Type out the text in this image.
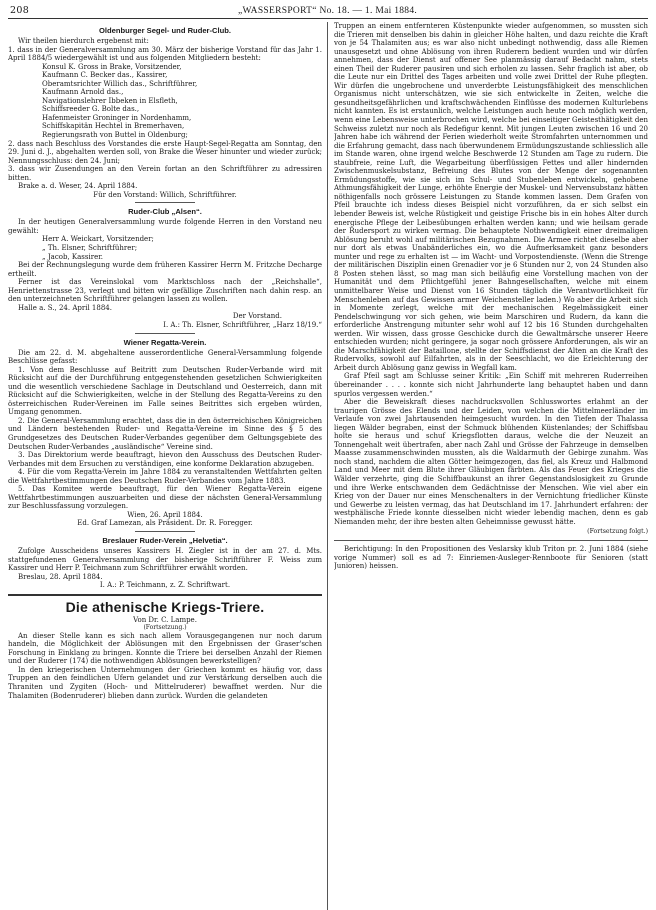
208	„WASSERSPORT“ No. 18. — 1. Mai 1884.
Oldenburger Segel- und Ruder-Club.

Wir theilen hierdurch ergebenst mit:

1. dass in der Generalversammlung am 30. März der bisherige Vorstand für das Jahr 1. April 1884/5 wiedergewählt ist und aus folgenden Mitgliedern besteht:

Konsul K. Gross in Brake, Vorsitzender,

Kaufmann C. Becker das., Kassirer,

Oberamtsrichter Willich das., Schriftführer,

Kaufmann Arnold das.,

Navigationslehrer Ibbeken in Elsfleth,

Schiffsreeder G. Bolte das.,

Hafenmeister Groninger in Nordenhamm,

Schiffskapitän Hechtel in Bremerhaven,

Regierungsrath von Buttel in Oldenburg;

2. dass nach Beschluss des Vorstandes die erste Haupt-Segel-Regatta am Sonntag, den 29. Juni d. J., abgehalten werden soll, von Brake die Weser hinunter und wieder zurück; Nennungsschluss: den 24. Juni;

3. dass wir Zusendungen an den Verein fortan an den Schriftführer zu adressiren bitten.

Brake a. d. Weser, 24. April 1884.

Für den Vorstand: Willich, Schriftführer.

Ruder-Club „Alsen“.

In der heutigen Generalversammlung wurde folgende Herren in den Vorstand neu gewählt:

Herr A. Weickart, Vorsitzender;

„ Th. Elsner, Schriftführer;

„ Jacob, Kassirer.

Bei der Rechnungslegung wurde dem früheren Kassirer Herrn M. Fritzche Decharge ertheilt.

Ferner ist das Vereinslokal vom Marktschloss nach der „Reichshalle“, Henriettenstrasse 23, verlegt und bitten wir gefällige Zuschriften nach dahin resp. an den unterzeichneten Schriftführer gelangen lassen zu wollen.

Halle a. S., 24. April 1884.

Der Vorstand.

I. A.: Th. Elsner, Schriftführer, „Harz 18/19.“

Wiener Regatta-Verein.

Die am 22. d. M. abgehaltene ausserordentliche General-Versammlung folgende Beschlüsse gefasst:

1. Von dem Beschlusse auf Beitritt zum Deutschen Ruder-Verbande wird mit Rücksicht auf die der Durchführung entgegenstehenden gesetzlichen Schwierigkeiten und die wesentlich verschiedene Sachlage in Deutschland und Oesterreich, dann mit Rücksicht auf die Schwierigkeiten, welche in der Stellung des Regatta-Vereins zu den österreichischen Ruder-Vereinen im Falle seines Beitrittes sich ergeben würden, Umgang genommen.

2. Die General-Versammlung erachtet, dass die in den österreichischen Königreichen und Ländern bestehenden Ruder- und Regatta-Vereine im Sinne des § 5 des Grundgesetzes des Deutschen Ruder-Verbandes gegenüber dem Geltungsgebiete des Deutschen Ruder-Verbandes „ausländische“ Vereine sind.

3. Das Direktorium werde beauftragt, hievon den Ausschuss des Deutschen Ruder-Verbandes mit dem Ersuchen zu verständigen, eine konforme Deklaration abzugeben.

4. Für die vom Regatta-Verein im Jahre 1884 zu veranstaltenden Wettfahrten gelten die Wettfahrtbestimmungen des Deutschen Ruder-Verbandes vom Jahre 1883.

5. Das Komitee werde beauftragt, für den Wiener Regatta-Verein eigene Wettfahrtbestimmungen auszuarbeiten und diese der nächsten General-Versammlung zur Beschlussfassung vorzulegen.

Wien, 26. April 1884.

Ed. Graf Lamezan, als Präsident. Dr. R. Foregger.

Breslauer Ruder-Verein „Helvetia“.

Zufolge Ausscheidens unseres Kassirers H. Ziegler ist in der am 27. d. Mts. stattgefundenen Generalversammlung der bisherige Schriftführer F. Weiss zum Kassirer und Herr P. Teichmann zum Schriftführer erwählt worden.

Breslau, 28. April 1884.

I. A.: P. Teichmann, z. Z. Schriftwart.

Die athenische Kriegs-Triere.
Von Dr. C. Lampe.
(Fortsetzung.)

An dieser Stelle kann es sich nach allem Vorausgegangenen nur noch darum handeln, die Möglichkeit der Ablösungen mit den Ergebnissen der Graser'schen Forschung in Einklang zu bringen. Konnte die Triere bei derselben Anzahl der Riemen und der Ruderer (174) die nothwendigen Ablösungen bewerkstelligen?

In den kriegerischen Unternehmungen der Griechen kommt es häufig vor, dass Truppen an den feindlichen Ufern gelandet und zur Verstärkung derselben auch die Thraniten und Zygiten (Hoch- und Mittelruderer) bewaffnet werden. Nur die Thalamiten (Bodenruderer) blieben dann zurück. Wurden die gelandeten

Truppen an einem entfernteren Küstenpunkte wieder aufgenommen, so mussten sich die Trieren mit denselben bis dahin in gleicher Höhe halten, und dazu reichte die Kraft von je 54 Thalamiten aus; es war also nicht unbedingt nothwendig, dass alle Riemen unausgesetzt und ohne Ablösung von ihren Ruderern bedient wurden und wir dürfen annehmen, dass der Dienst auf offener See planmässig darauf Bedacht nahm, stets einen Theil der Ruderer pausiren und sich erholen zu lassen. Sehr fraglich ist aber, ob die Leute nur ein Drittel des Tages arbeiten und volle zwei Drittel der Ruhe pflegten. Wir dürfen die ungebrochene und unverderbte Leistungsfähigkeit des menschlichen Organismus nicht unterschätzen, wie sie sich entwickelte in Zeiten, welche die gesundheitsgefährlichen und kraftschwächenden Einflüsse des modernen Kulturlebens nicht kannten. Es ist erstaunlich, welche Leistungen auch heute noch möglich werden, wenn eine Lebensweise unterbrochen wird, welche bei einseitiger Geistesthätigkeit den Schweiss zuletzt nur noch als Redefigur kennt. Mit jungen Leuten zwischen 16 und 20 Jahren habe ich während der Ferien wiederholt weite Stromfahrten unternommen und die Erfahrung gemacht, dass nach überwundenem Ermüdungszustande schliesslich alle im Stande waren, ohne irgend welche Beschwerde 12 Stunden am Tage zu rudern. Die staubfreie, reine Luft, die Wegarbeitung überflüssigen Fettes und aller hindernden Zwischenmuskelsubstanz, Befreiung des Blutes von der Menge der sogenannten Ermüdungsstoffe, wie sie sich im Schul- und Stubenleben entwickeln, gehobene Athmungsfähigkeit der Lunge, erhöhte Energie der Muskel- und Nervensubstanz hätten nöthigenfalls noch grössere Leistungen zu Stande kommen lassen. Dem Grafen von Pfeil brauchte ich indess dieses Beispiel nicht vorzuführen, da er sich selbst ein lebender Beweis ist, welche Rüstigkeit und geistige Frische bis in ein hohes Alter durch energische Pflege der Leibesübungen erhalten werden kann; und wie heilsam gerade der Rudersport zu wirken vermag. Die behauptete Nothwendigkeit einer dreimaligen Ablösung beruht wohl auf militärischen Bezugnahmen. Die Armee richtet dieselbe aber nur dort als etwas Unabänderliches ein, wo die Aufmerksamkeit ganz besonders munter und rege zu erhalten ist — im Wacht- und Vorpostendienste. (Wenn die Strenge der militärischen Disziplin einen Grenadier vor je 6 Stunden nur 2, von 24 Stunden also 8 Posten stehen lässt, so mag man sich beiläufig eine Vorstellung machen von der Humanität und dem Pflichtgefühl jener Bahngesellschaften, welche mit einem unmittelbarer Weise und Dienst von 16 Stunden täglich die Verantwortlichkeit für Menschenleben auf das Gewissen armer Weichensteller laden.) Wo aber die Arbeit sich in Momente zerlegt, welche mit der mechanischen Regelmässigkeit einer Pendelschwingung vor sich gehen, wie beim Marschiren und Rudern, da kann die erforderliche Anstrengung mitunter sehr wohl auf 12 bis 16 Stunden durchgehalten werden. Wir wissen, dass grosse Geschicke durch die Gewaltmärsche unserer Heere entschieden wurden; nicht geringere, ja sogar noch grössere Anforderungen, als wir an die Marschfähigkeit der Bataillone, stellte der Schiffsdienst der Alten an die Kraft des Rudervolks, sowohl auf Eilfahrten, als in der Seeschlacht, wo die Erleichterung der Arbeit durch Ablösung ganz gewiss in Wegfall kam.

Graf Pfeil sagt am Schlusse seiner Kritik: „Ein Schiff mit mehreren Ruderreihen übereinander . . . . konnte sich nicht Jahrhunderte lang behauptet haben und dann spurlos vergessen werden.“

Aber die Beweiskraft dieses nachdrucksvollen Schlusswortes erlahmt an der traurigen Grösse des Elends und der Leiden, von welchen die Mittelmeerländer im Verlaufe von zwei Jahrtausenden heimgesucht wurden. In den Tiefen der Thalassa liegen Wälder begraben, einst der Schmuck blühenden Küstenlandes; der Schiffsbau holte sie heraus und schuf Kriegsflotten daraus, welche die der Neuzeit an Tonnengehalt weit übertrafen, aber nach Zahl und Grösse der Fahrzeuge in demselben Maasse zusammenschwinden mussten, als die Waldarmuth der Gebirge zunahm. Was noch stand, nachdem die alten Götter heimgezogen, das fiel, als Kreuz und Halbmond Land und Meer mit dem Blute ihrer Gläubigen färbten. Als das Feuer des Krieges die Wälder verzehrte, ging die Schiffbaukunst an ihrer Gegenstandslosigkeit zu Grunde und ihre Werke entschwanden dem Gedächtnisse der Menschen. Wie viel aber ein Krieg von der Dauer nur eines Menschenalters in der Vernichtung friedlicher Künste und Gewerbe zu leisten vermag, das hat Deutschland im 17. Jahrhundert erfahren: der westphälische Friede konnte diesselben nicht wieder lebendig machen, denn es gab Niemanden mehr, der ihre besten alten Geheimnisse gewusst hätte.

(Fortsetzung folgt.)

Berichtigung: In den Propositionen des Veslarsky klub Triton pr. 2. Juni 1884 (siehe vorige Nummer) soll es ad 7: Einriemen-Ausleger-Rennboote für Senioren (statt Junioren) heissen.
